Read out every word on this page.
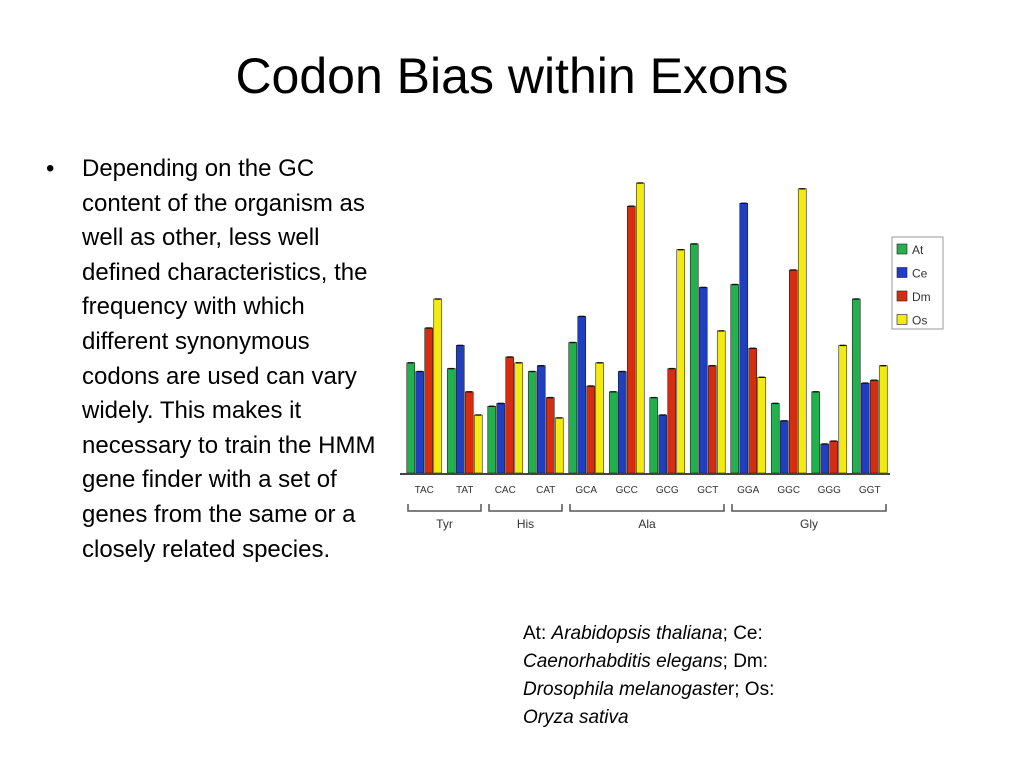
Codon Bias within Exons
• Depending on the GC content of the organism as well as other, less well defined characteristics, the frequency with which different synonymous codons are used can vary widely. This makes it necessary to train the HMM gene finder with a set of genes from the same or a closely related species.
TAC TAT CAC CAT GCA GCC GCG GCT GGA GGC GGG GGT
Tyr	His	Ala	Gly
At
Ce
Dm
Os
At: Arabidopsis thaliana; Ce:
Caenorhabditis elegans; Dm:
Drosophila melanogaster; Os:
Oryza sativa
